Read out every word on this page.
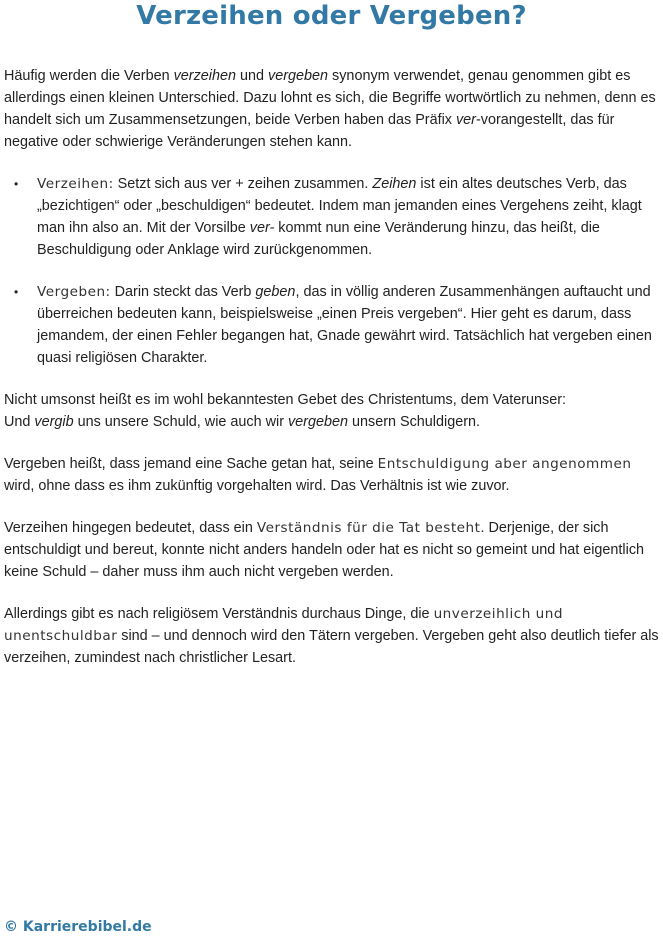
Verzeihen oder Vergeben?

Häufig werden die Verben verzeihen und vergeben synonym verwendet, genau genommen gibt es allerdings einen kleinen Unterschied. Dazu lohnt es sich, die Begriffe wortwörtlich zu nehmen, denn es handelt sich um Zusammensetzungen, beide Verben haben das Präfix ver-vorangestellt, das für negative oder schwierige Veränderungen stehen kann.

• Verzeihen: Setzt sich aus ver + zeihen zusammen. Zeihen ist ein altes deutsches Verb, das „bezichtigen“ oder „beschuldigen“ bedeutet. Indem man jemanden eines Vergehens zeiht, klagt man ihn also an. Mit der Vorsilbe ver- kommt nun eine Veränderung hinzu, das heißt, die Beschuldigung oder Anklage wird zurückgenommen.
• Vergeben: Darin steckt das Verb geben, das in völlig anderen Zusammenhängen auftaucht und überreichen bedeuten kann, beispielsweise „einen Preis vergeben“. Hier geht es darum, dass jemandem, der einen Fehler begangen hat, Gnade gewährt wird. Tatsächlich hat vergeben einen quasi religiösen Charakter.

Nicht umsonst heißt es im wohl bekanntesten Gebet des Christentums, dem Vaterunser:
Und vergib uns unsere Schuld, wie auch wir vergeben unsern Schuldigern.

Vergeben heißt, dass jemand eine Sache getan hat, seine Entschuldigung aber angenommen wird, ohne dass es ihm zukünftig vorgehalten wird. Das Verhältnis ist wie zuvor.

Verzeihen hingegen bedeutet, dass ein Verständnis für die Tat besteht. Derjenige, der sich entschuldigt und bereut, konnte nicht anders handeln oder hat es nicht so gemeint und hat eigentlich keine Schuld – daher muss ihm auch nicht vergeben werden.

Allerdings gibt es nach religiösem Verständnis durchaus Dinge, die unverzeihlich und unentschuldbar sind – und dennoch wird den Tätern vergeben. Vergeben geht also deutlich tiefer als verzeihen, zumindest nach christlicher Lesart.

© Karrierebibel.de
